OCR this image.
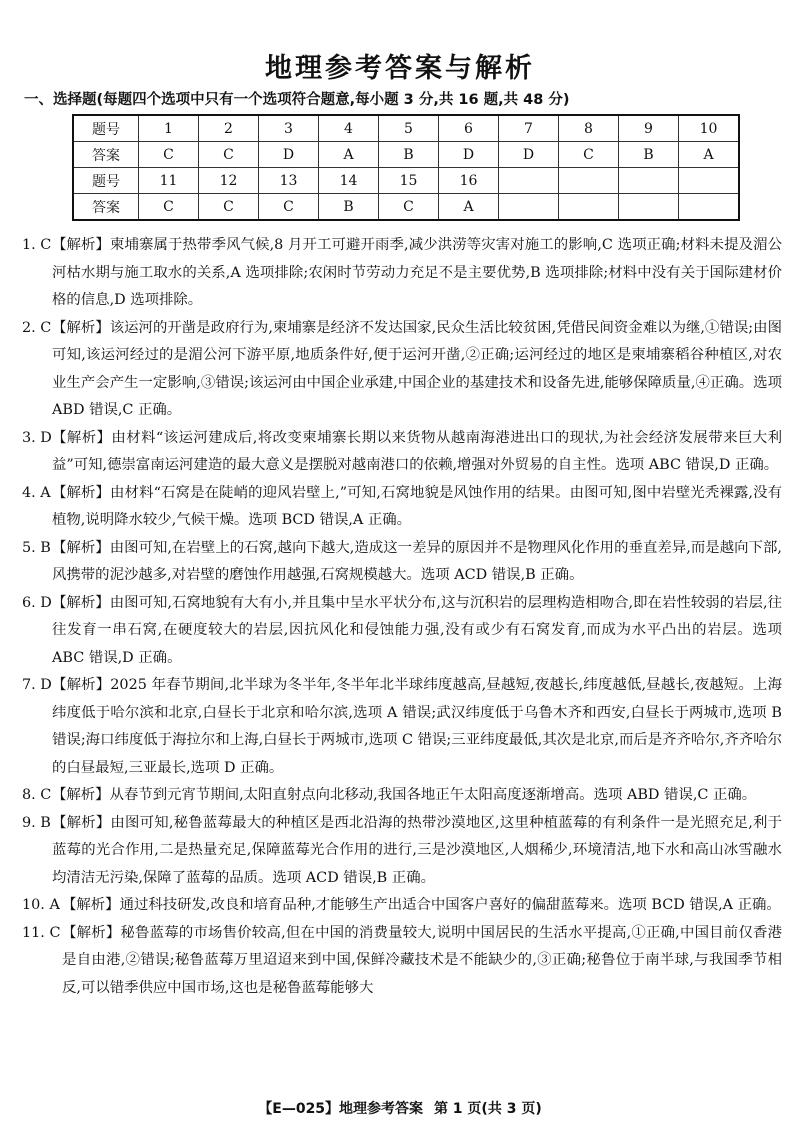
地理参考答案与解析
一、选择题(每题四个选项中只有一个选项符合题意,每小题 3 分,共 16 题,共 48 分)
题号	1	2	3	4	5	6	7	8	9	10
答案	C	C	D	A	B	D	D	C	B	A
题号	11	12	13	14	15	16				
答案	C	C	C	B	C	A				
1. C 【解析】柬埔寨属于热带季风气候,8 月开工可避开雨季,减少洪涝等灾害对施工的影响,C 选项正确;材料未提及湄公河枯水期与施工取水的关系,A 选项排除;农闲时节劳动力充足不是主要优势,B 选项排除;材料中没有关于国际建材价格的信息,D 选项排除。
2. C 【解析】该运河的开凿是政府行为,柬埔寨是经济不发达国家,民众生活比较贫困,凭借民间资金难以为继,①错误;由图可知,该运河经过的是湄公河下游平原,地质条件好,便于运河开凿,②正确;运河经过的地区是柬埔寨稻谷种植区,对农业生产会产生一定影响,③错误;该运河由中国企业承建,中国企业的基建技术和设备先进,能够保障质量,④正确。选项 ABD 错误,C 正确。
3. D 【解析】由材料“该运河建成后,将改变柬埔寨长期以来货物从越南海港进出口的现状,为社会经济发展带来巨大利益”可知,德崇富南运河建造的最大意义是摆脱对越南港口的依赖,增强对外贸易的自主性。选项 ABC 错误,D 正确。
4. A 【解析】由材料“石窝是在陡峭的迎风岩壁上,”可知,石窝地貌是风蚀作用的结果。由图可知,图中岩壁光秃裸露,没有植物,说明降水较少,气候干燥。选项 BCD 错误,A 正确。
5. B 【解析】由图可知,在岩壁上的石窝,越向下越大,造成这一差异的原因并不是物理风化作用的垂直差异,而是越向下部,风携带的泥沙越多,对岩壁的磨蚀作用越强,石窝规模越大。选项 ACD 错误,B 正确。
6. D 【解析】由图可知,石窝地貌有大有小,并且集中呈水平状分布,这与沉积岩的层理构造相吻合,即在岩性较弱的岩层,往往发育一串石窝,在硬度较大的岩层,因抗风化和侵蚀能力强,没有或少有石窝发育,而成为水平凸出的岩层。选项 ABC 错误,D 正确。
7. D 【解析】2025 年春节期间,北半球为冬半年,冬半年北半球纬度越高,昼越短,夜越长,纬度越低,昼越长,夜越短。上海纬度低于哈尔滨和北京,白昼长于北京和哈尔滨,选项 A 错误;武汉纬度低于乌鲁木齐和西安,白昼长于两城市,选项 B 错误;海口纬度低于海拉尔和上海,白昼长于两城市,选项 C 错误;三亚纬度最低,其次是北京,而后是齐齐哈尔,齐齐哈尔的白昼最短,三亚最长,选项 D 正确。
8. C 【解析】从春节到元宵节期间,太阳直射点向北移动,我国各地正午太阳高度逐渐增高。选项 ABD 错误,C 正确。
9. B 【解析】由图可知,秘鲁蓝莓最大的种植区是西北沿海的热带沙漠地区,这里种植蓝莓的有利条件一是光照充足,利于蓝莓的光合作用,二是热量充足,保障蓝莓光合作用的进行,三是沙漠地区,人烟稀少,环境清洁,地下水和高山冰雪融水均清洁无污染,保障了蓝莓的品质。选项 ACD 错误,B 正确。
10. A 【解析】通过科技研发,改良和培育品种,才能够生产出适合中国客户喜好的偏甜蓝莓来。选项 BCD 错误,A 正确。
11. C 【解析】秘鲁蓝莓的市场售价较高,但在中国的消费量较大,说明中国居民的生活水平提高,①正确,中国目前仅香港是自由港,②错误;秘鲁蓝莓万里迢迢来到中国,保鲜冷藏技术是不能缺少的,③正确;秘鲁位于南半球,与我国季节相反,可以错季供应中国市场,这也是秘鲁蓝莓能够大
【E—025】地理参考答案 第 1 页(共 3 页)
